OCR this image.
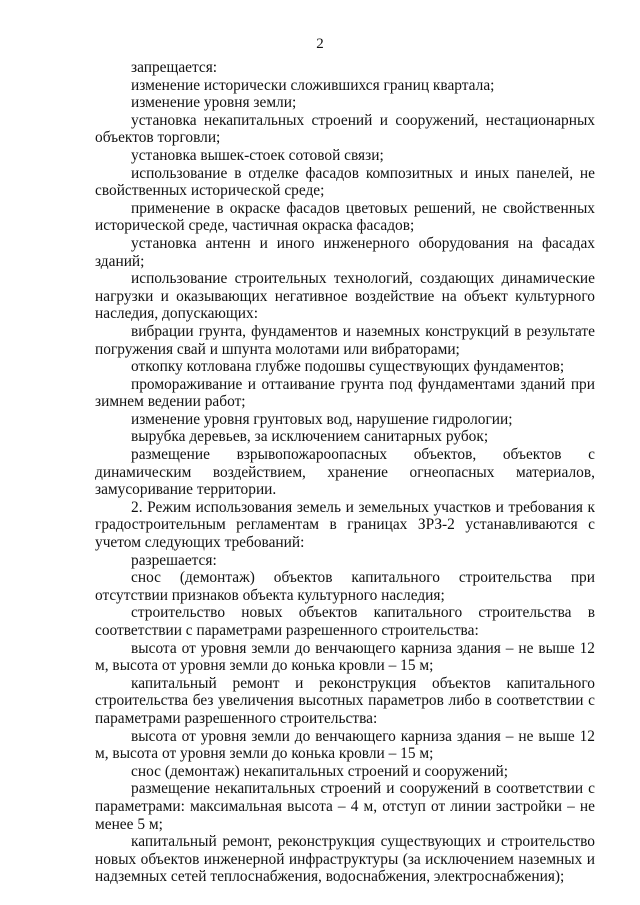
2

запрещается:

изменение исторически сложившихся границ квартала;

изменение уровня земли;

установка некапитальных строений и сооружений, нестационарных объектов торговли;

установка вышек-стоек сотовой связи;

использование в отделке фасадов композитных и иных панелей, не свойственных исторической среде;

применение в окраске фасадов цветовых решений, не свойственных исторической среде, частичная окраска фасадов;

установка антенн и иного инженерного оборудования на фасадах зданий;

использование строительных технологий, создающих динамические нагрузки и оказывающих негативное воздействие на объект культурного наследия, допускающих:

вибрации грунта, фундаментов и наземных конструкций в результате погружения свай и шпунта молотами или вибраторами;

откопку котлована глубже подошвы существующих фундаментов;

промораживание и оттаивание грунта под фундаментами зданий при зимнем ведении работ;

изменение уровня грунтовых вод, нарушение гидрологии;

вырубка деревьев, за исключением санитарных рубок;

размещение взрывопожароопасных объектов, объектов с динамическим воздействием, хранение огнеопасных материалов, замусоривание территории.

2. Режим использования земель и земельных участков и требования к градостроительным регламентам в границах ЗРЗ-2 устанавливаются с учетом следующих требований:

разрешается:

снос (демонтаж) объектов капитального строительства при отсутствии признаков объекта культурного наследия;

строительство новых объектов капитального строительства в соответствии с параметрами разрешенного строительства:

высота от уровня земли до венчающего карниза здания – не выше 12 м, высота от уровня земли до конька кровли – 15 м;

капитальный ремонт и реконструкция объектов капитального строительства без увеличения высотных параметров либо в соответствии с параметрами разрешенного строительства:

высота от уровня земли до венчающего карниза здания – не выше 12 м, высота от уровня земли до конька кровли – 15 м;

снос (демонтаж) некапитальных строений и сооружений;

размещение некапитальных строений и сооружений в соответствии с параметрами: максимальная высота – 4 м, отступ от линии застройки – не менее 5 м;

капитальный ремонт, реконструкция существующих и строительство новых объектов инженерной инфраструктуры (за исключением наземных и надземных сетей теплоснабжения, водоснабжения, электроснабжения);
